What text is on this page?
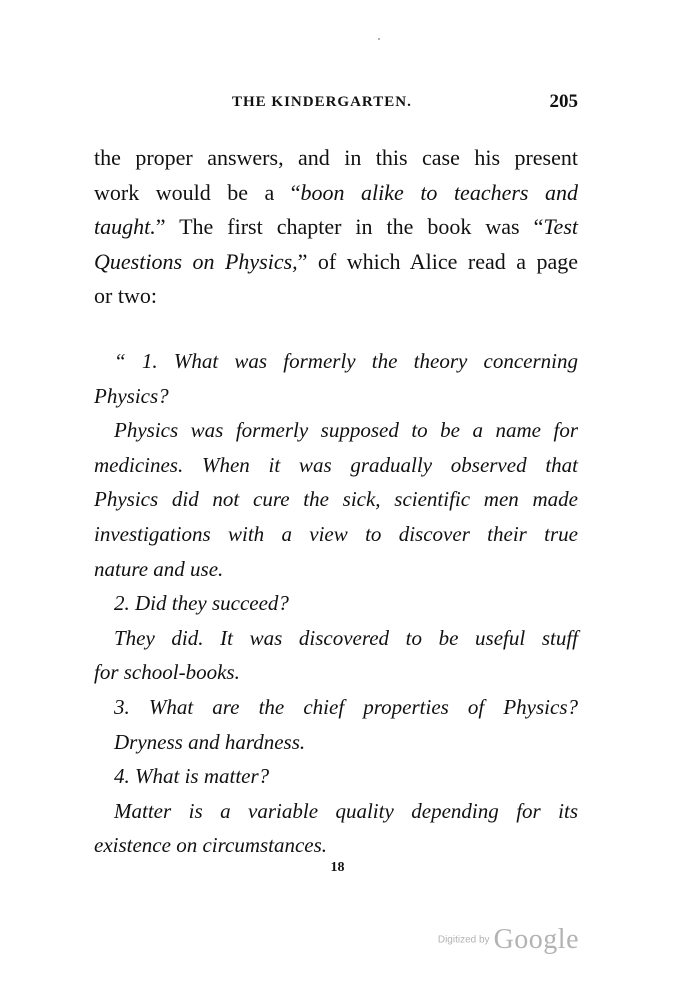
THE KINDERGARTEN.	205
the proper answers, and in this case his present
work would be a “boon alike to teachers and
taught.” The first chapter in the book was “Test
Questions on Physics,” of which Alice read a page
or two:
“ 1. What was formerly the theory concerning
Physics?
Physics was formerly supposed to be a name for
medicines. When it was gradually observed that
Physics did not cure the sick, scientific men made
investigations with a view to discover their true
nature and use.
2. Did they succeed?
They did. It was discovered to be useful stuff
for school-books.
3. What are the chief properties of Physics?
Dryness and hardness.
4. What is matter?
Matter is a variable quality depending for its
existence on circumstances.
18
Digitized by Google
